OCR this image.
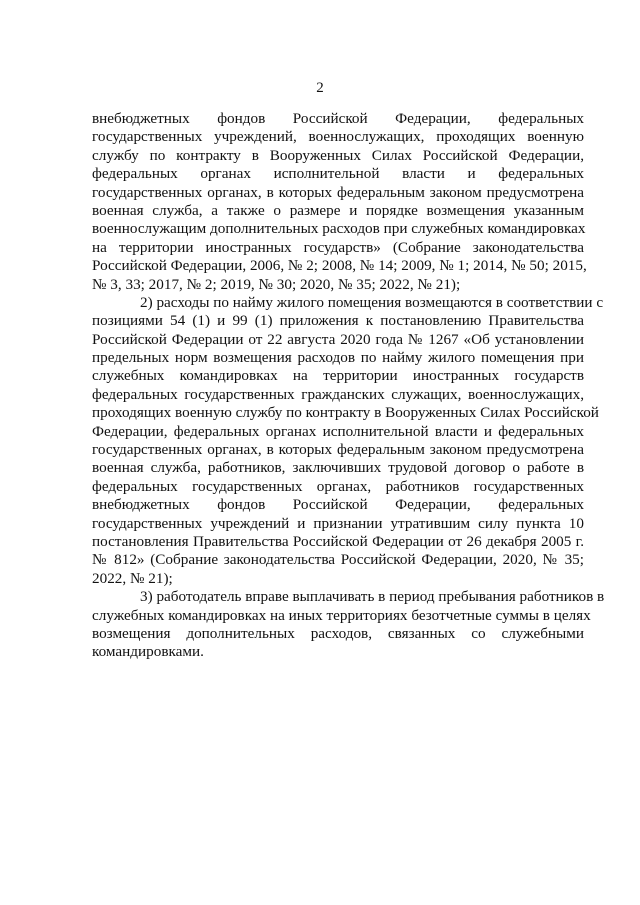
2
внебюджетных фондов Российской Федерации, федеральных
государственных учреждений, военнослужащих, проходящих военную
службу по контракту в Вооруженных Силах Российской Федерации,
федеральных органах исполнительной власти и федеральных
государственных органах, в которых федеральным законом предусмотрена
военная служба, а также о размере и порядке возмещения указанным
военнослужащим дополнительных расходов при служебных командировках
на территории иностранных государств» (Собрание законодательства
Российской Федерации, 2006, № 2; 2008, № 14; 2009, № 1; 2014, № 50; 2015,
№ 3, 33; 2017, № 2; 2019, № 30; 2020, № 35; 2022, № 21);
2) расходы по найму жилого помещения возмещаются в соответствии с
позициями 54 (1) и 99 (1) приложения к постановлению Правительства
Российской Федерации от 22 августа 2020 года № 1267 «Об установлении
предельных норм возмещения расходов по найму жилого помещения при
служебных командировках на территории иностранных государств
федеральных государственных гражданских служащих, военнослужащих,
проходящих военную службу по контракту в Вооруженных Силах Российской
Федерации, федеральных органах исполнительной власти и федеральных
государственных органах, в которых федеральным законом предусмотрена
военная служба, работников, заключивших трудовой договор о работе в
федеральных государственных органах, работников государственных
внебюджетных фондов Российской Федерации, федеральных
государственных учреждений и признании утратившим силу пункта 10
постановления Правительства Российской Федерации от 26 декабря 2005 г.
№ 812» (Собрание законодательства Российской Федерации, 2020, № 35;
2022, № 21);
3) работодатель вправе выплачивать в период пребывания работников в
служебных командировках на иных территориях безотчетные суммы в целях
возмещения дополнительных расходов, связанных со служебными
командировками.
